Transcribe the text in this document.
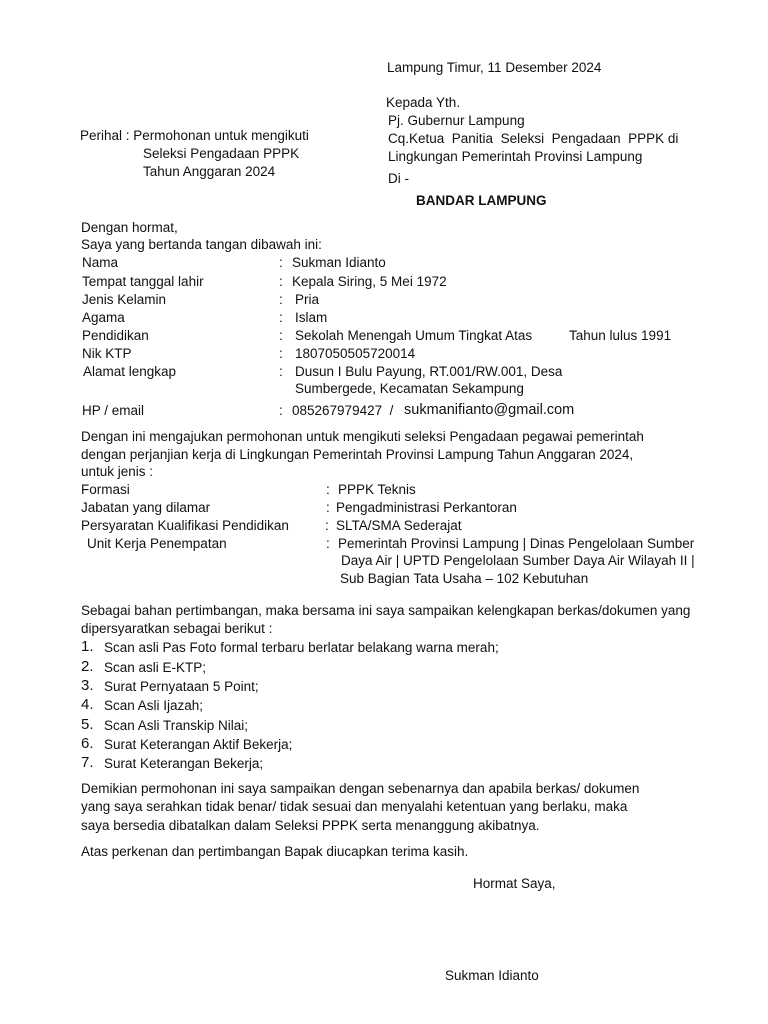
Lampung Timur, 11 Desember 2024
Kepada Yth.
Pj. Gubernur Lampung
Cq.Ketua  Panitia  Seleksi  Pengadaan  PPPK di
Lingkungan Pemerintah Provinsi Lampung
Di -
BANDAR LAMPUNG
Perihal : Permohonan untuk mengikuti
Seleksi Pengadaan PPPK
Tahun Anggaran 2024
Dengan hormat,
Saya yang bertanda tangan dibawah ini:
Nama	: Sukman Idianto
Tempat tanggal lahir	: Kepala Siring, 5 Mei 1972
Jenis Kelamin	: Pria
Agama	: Islam
Pendidikan	: Sekolah Menengah Umum Tingkat Atas	Tahun lulus 1991
Nik KTP	: 1807050505720014
Alamat lengkap	: Dusun I Bulu Payung, RT.001/RW.001, Desa
Sumbergede, Kecamatan Sekampung
HP / email	: 085267979427  / sukmanifianto@gmail.com
Dengan ini mengajukan permohonan untuk mengikuti seleksi Pengadaan pegawai pemerintah
dengan perjanjian kerja di Lingkungan Pemerintah Provinsi Lampung Tahun Anggaran 2024,
untuk jenis :
Formasi	: PPPK Teknis
Jabatan yang dilamar	: Pengadministrasi Perkantoran
Persyaratan Kualifikasi Pendidikan	: SLTA/SMA Sederajat
Unit Kerja Penempatan	: Pemerintah Provinsi Lampung | Dinas Pengelolaan Sumber
Daya Air | UPTD Pengelolaan Sumber Daya Air Wilayah II |
Sub Bagian Tata Usaha – 102 Kebutuhan
Sebagai bahan pertimbangan, maka bersama ini saya sampaikan kelengkapan berkas/dokumen yang
dipersyaratkan sebagai berikut :
1. Scan asli Pas Foto formal terbaru berlatar belakang warna merah;
2. Scan asli E-KTP;
3. Surat Pernyataan 5 Point;
4. Scan Asli Ijazah;
5. Scan Asli Transkip Nilai;
6. Surat Keterangan Aktif Bekerja;
7. Surat Keterangan Bekerja;
Demikian permohonan ini saya sampaikan dengan sebenarnya dan apabila berkas/ dokumen
yang saya serahkan tidak benar/ tidak sesuai dan menyalahi ketentuan yang berlaku, maka
saya bersedia dibatalkan dalam Seleksi PPPK serta menanggung akibatnya.
Atas perkenan dan pertimbangan Bapak diucapkan terima kasih.
Hormat Saya,
Sukman Idianto
